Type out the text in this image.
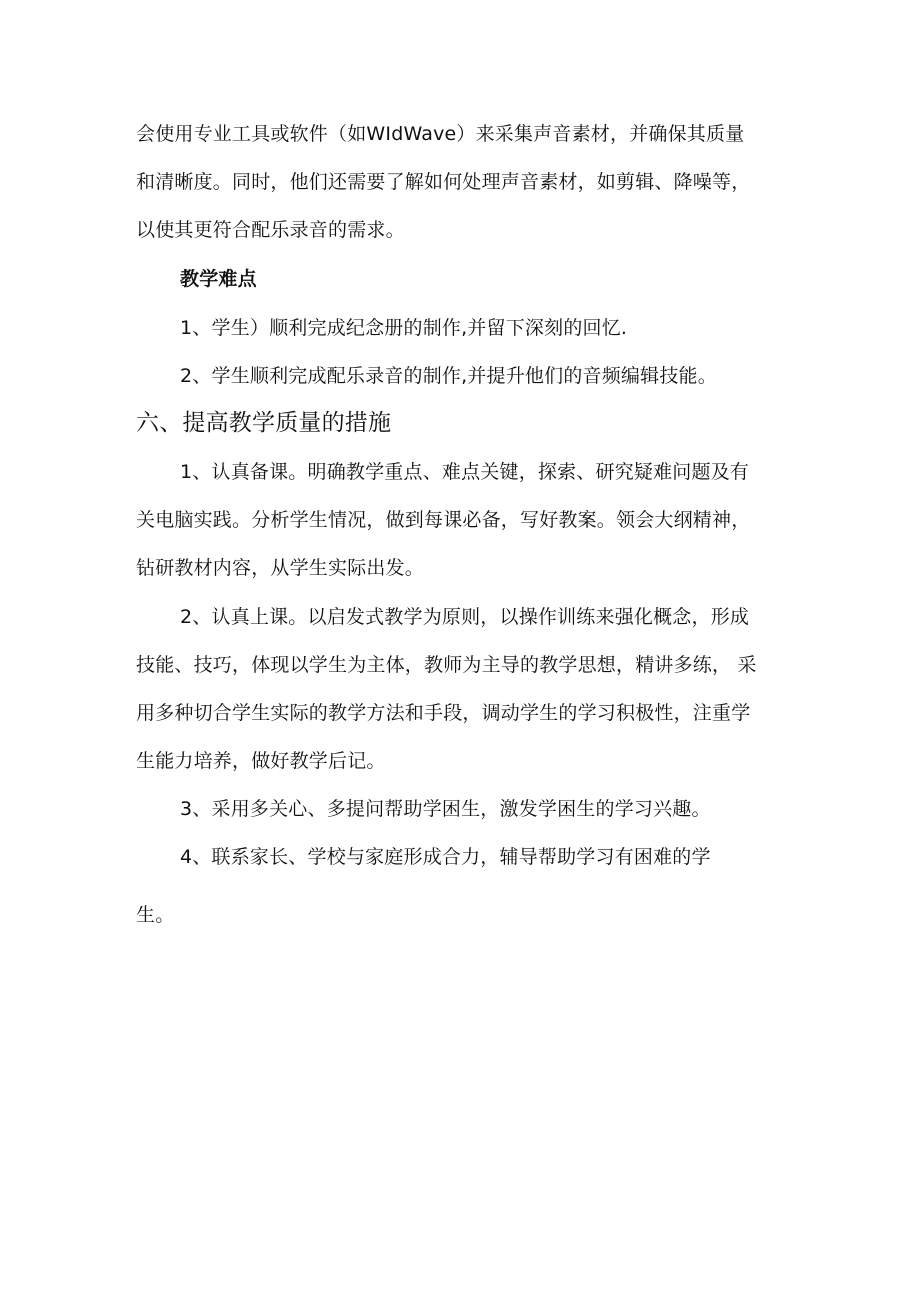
会使用专业工具或软件（如WIdWave）来采集声音素材，并确保其质量
和清晰度。同时，他们还需要了解如何处理声音素材，如剪辑、降噪等，
以使其更符合配乐录音的需求。
教学难点
1、学生）顺利完成纪念册的制作,并留下深刻的回忆.
2、学生顺利完成配乐录音的制作,并提升他们的音频编辑技能。
六、提高教学质量的措施
1、认真备课。明确教学重点、难点关键，探索、研究疑难问题及有
关电脑实践。分析学生情况，做到每课必备，写好教案。领会大纲精神，
钻研教材内容，从学生实际出发。
2、认真上课。以启发式教学为原则，以操作训练来强化概念，形成
技能、技巧，体现以学生为主体，教师为主导的教学思想，精讲多练， 采
用多种切合学生实际的教学方法和手段，调动学生的学习积极性，注重学
生能力培养，做好教学后记。
3、采用多关心、多提问帮助学困生，激发学困生的学习兴趣。
4、联系家长、学校与家庭形成合力，辅导帮助学习有困难的学
生。
